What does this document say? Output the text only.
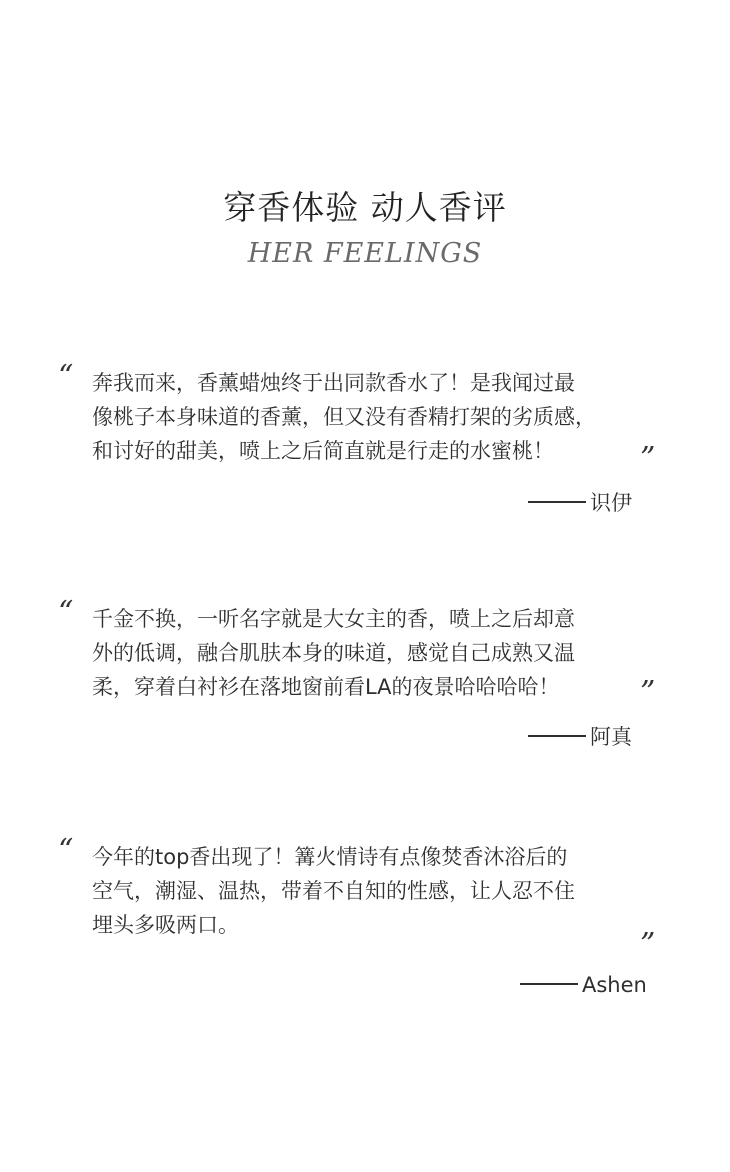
穿香体验 动人香评

HER FEELINGS

“ 奔我而来，香薰蜡烛终于出同款香水了！是我闻过最
像桃子本身味道的香薰，但又没有香精打架的劣质感，
和讨好的甜美，喷上之后简直就是行走的水蜜桃！	”
识伊
“ 千金不换，一听名字就是大女主的香，喷上之后却意
外的低调，融合肌肤本身的味道，感觉自己成熟又温
柔，穿着白衬衫在落地窗前看LA的夜景哈哈哈哈！	”
阿真
“ 今年的top香出现了！篝火情诗有点像焚香沐浴后的
空气，潮湿、温热，带着不自知的性感，让人忍不住
埋头多吸两口。

”
Ashen
